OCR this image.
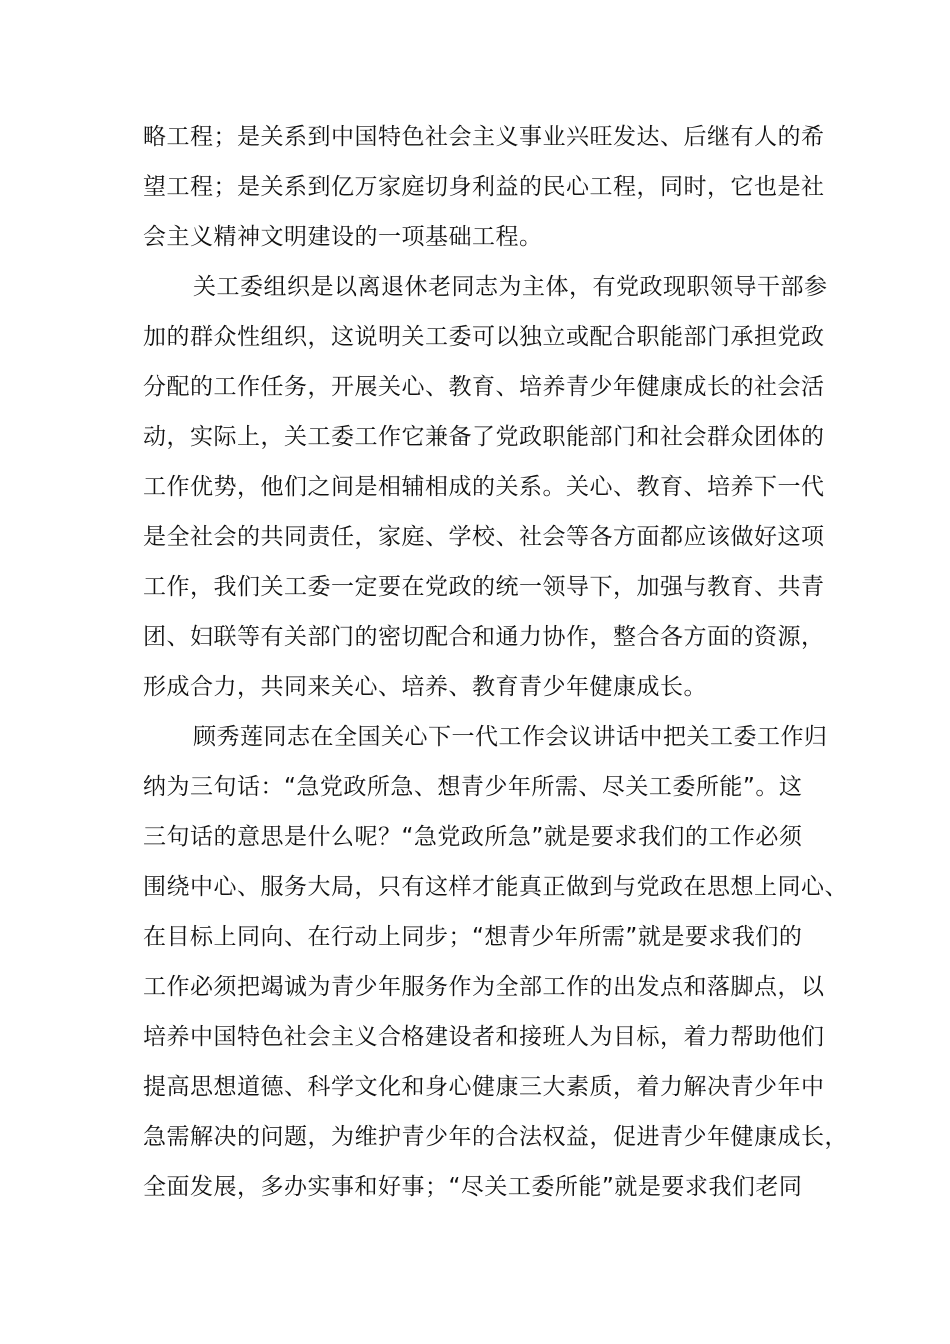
略工程；是关系到中国特色社会主义事业兴旺发达、后继有人的希
望工程；是关系到亿万家庭切身利益的民心工程，同时，它也是社
会主义精神文明建设的一项基础工程。
关工委组织是以离退休老同志为主体，有党政现职领导干部参
加的群众性组织，这说明关工委可以独立或配合职能部门承担党政
分配的工作任务，开展关心、教育、培养青少年健康成长的社会活
动，实际上，关工委工作它兼备了党政职能部门和社会群众团体的
工作优势，他们之间是相辅相成的关系。关心、教育、培养下一代
是全社会的共同责任，家庭、学校、社会等各方面都应该做好这项
工作，我们关工委一定要在党政的统一领导下，加强与教育、共青
团、妇联等有关部门的密切配合和通力协作，整合各方面的资源，
形成合力，共同来关心、培养、教育青少年健康成长。
顾秀莲同志在全国关心下一代工作会议讲话中把关工委工作归
纳为三句话：“急党政所急、想青少年所需、尽关工委所能”。这
三句话的意思是什么呢？“急党政所急”就是要求我们的工作必须
围绕中心、服务大局，只有这样才能真正做到与党政在思想上同心、
在目标上同向、在行动上同步；“想青少年所需”就是要求我们的
工作必须把竭诚为青少年服务作为全部工作的出发点和落脚点，以
培养中国特色社会主义合格建设者和接班人为目标，着力帮助他们
提高思想道德、科学文化和身心健康三大素质，着力解决青少年中
急需解决的问题，为维护青少年的合法权益，促进青少年健康成长，
全面发展，多办实事和好事；“尽关工委所能”就是要求我们老同
